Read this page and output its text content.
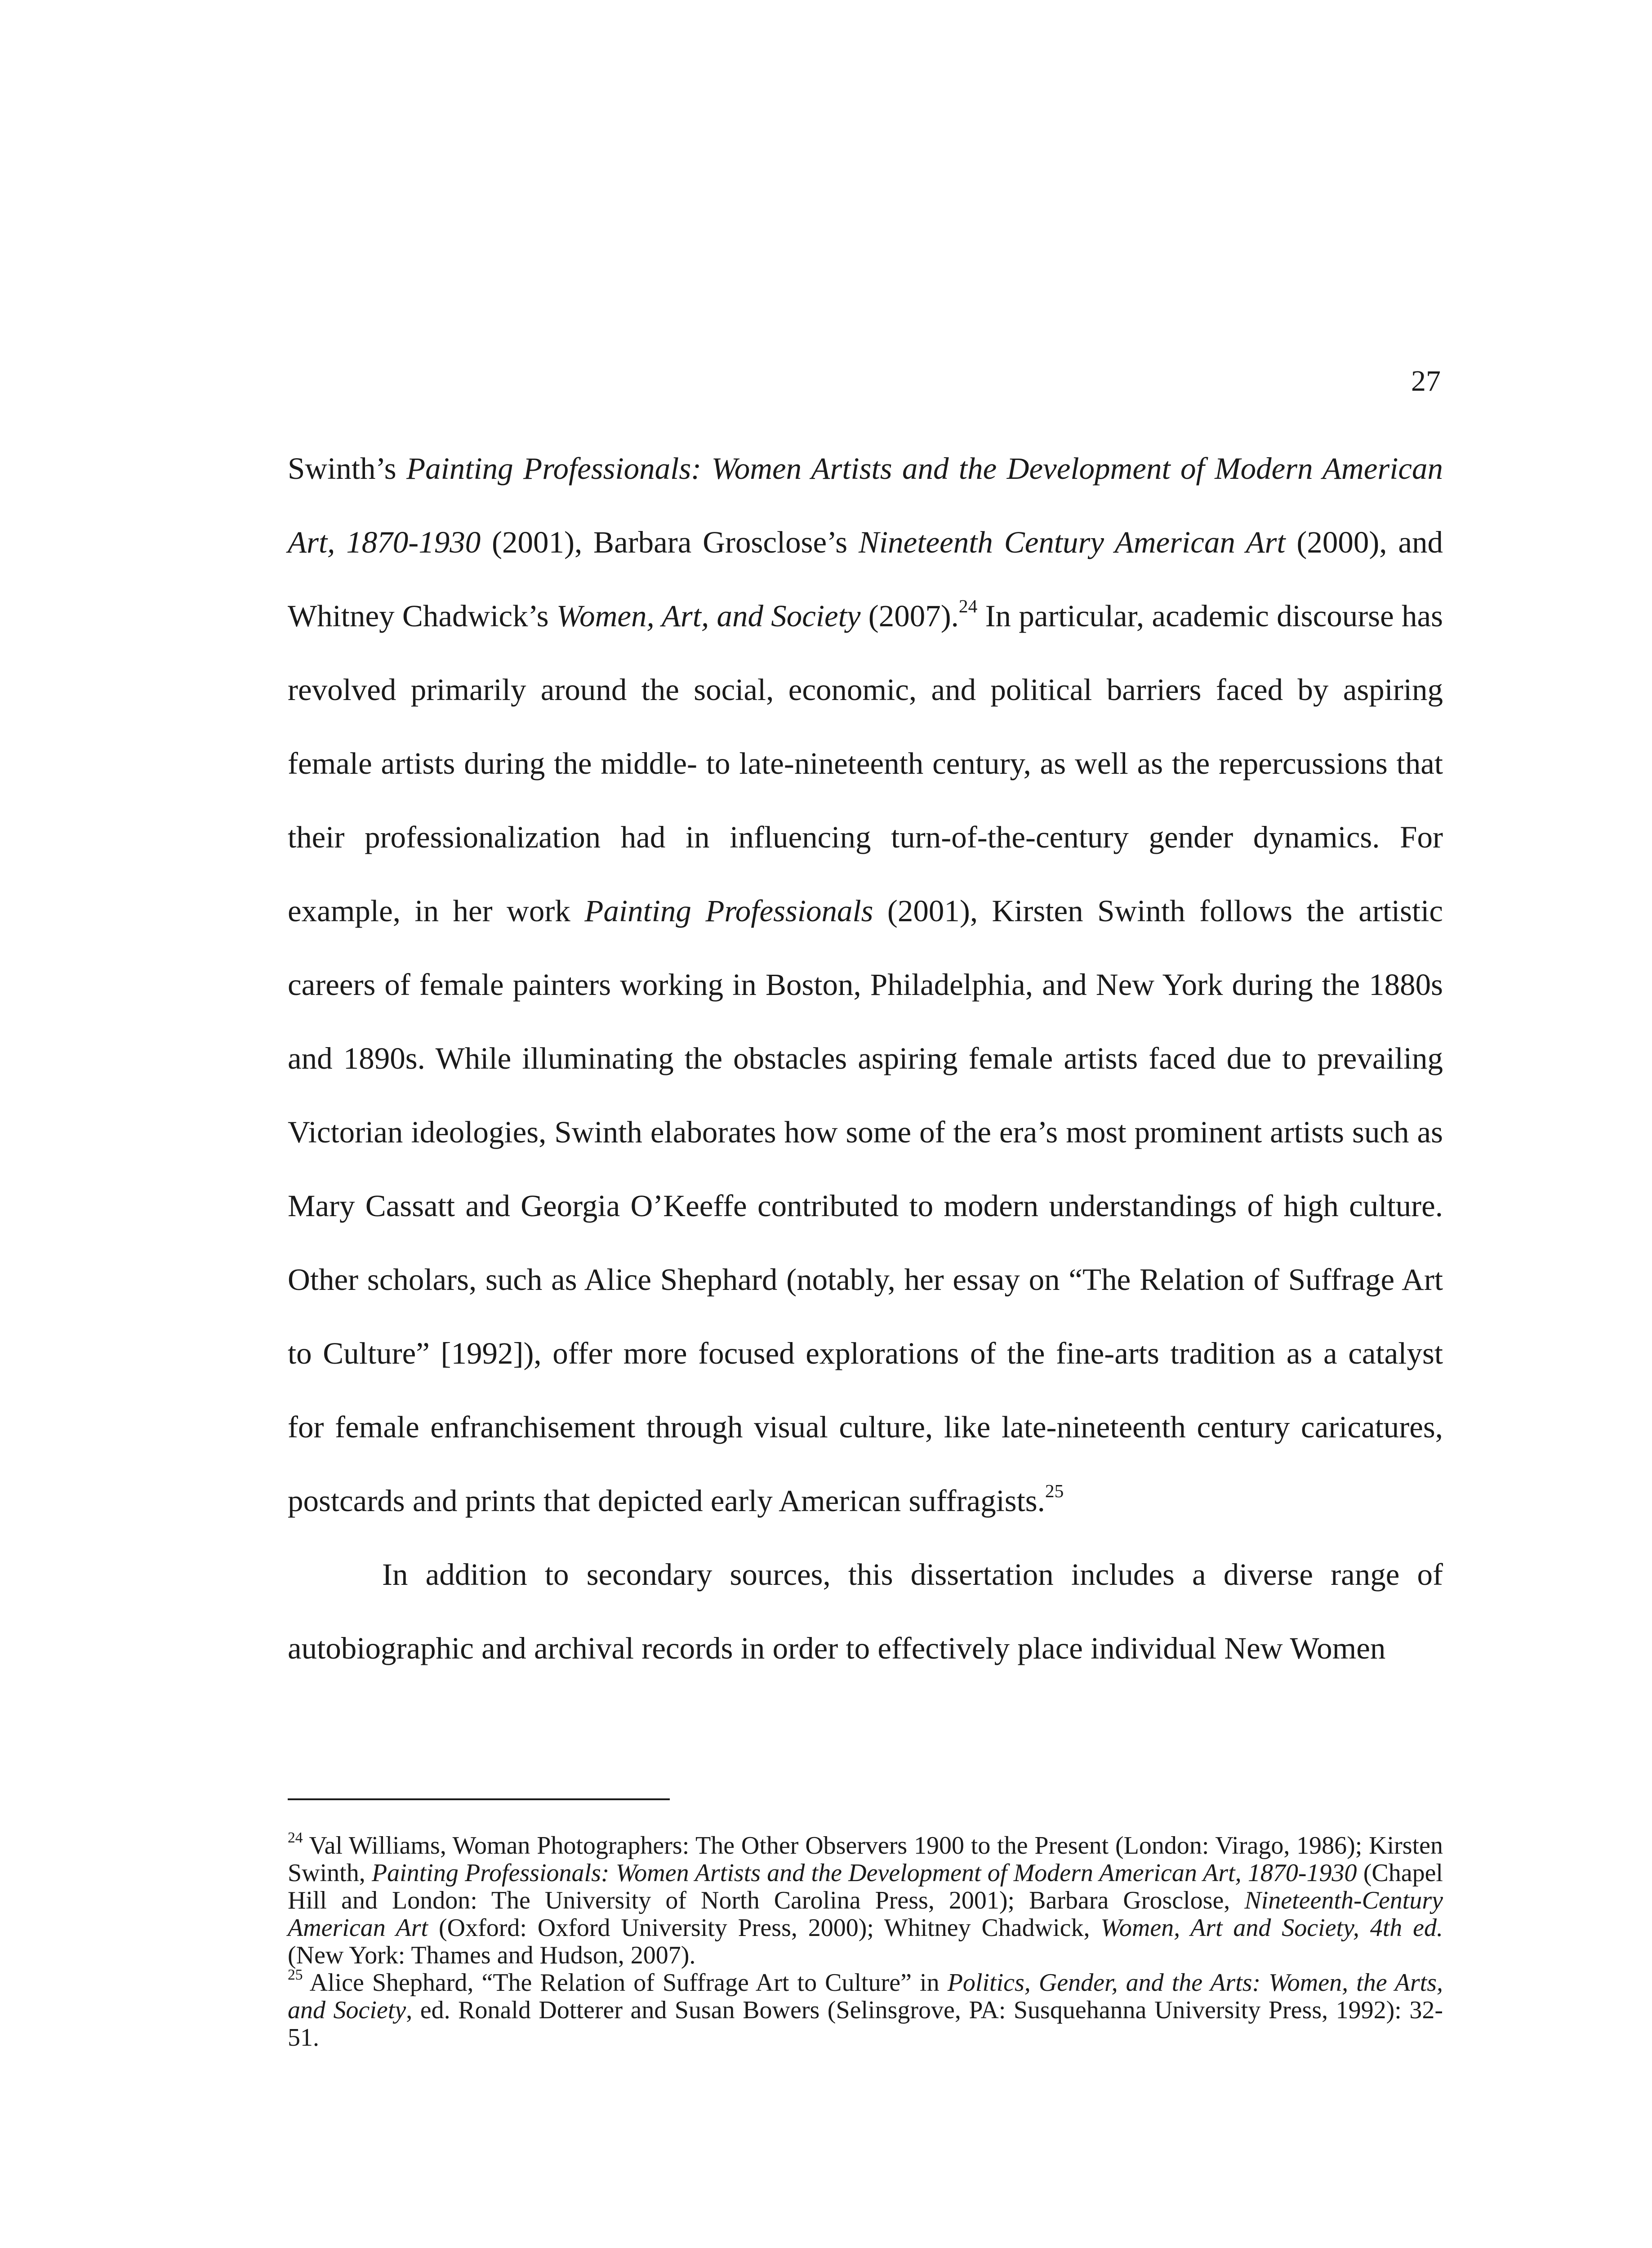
27

Swinth’s Painting Professionals: Women Artists and the Development of Modern American Art, 1870-1930 (2001), Barbara Grosclose’s Nineteenth Century American Art (2000), and Whitney Chadwick’s Women, Art, and Society (2007).$^{24}$ In particular, academic discourse has revolved primarily around the social, economic, and political barriers faced by aspiring female artists during the middle- to late-nineteenth century, as well as the repercussions that their professionalization had in influencing turn-of-the-century gender dynamics. For example, in her work Painting Professionals (2001), Kirsten Swinth follows the artistic careers of female painters working in Boston, Philadelphia, and New York during the 1880s and 1890s. While illuminating the obstacles aspiring female artists faced due to prevailing Victorian ideologies, Swinth elaborates how some of the era’s most prominent artists such as Mary Cassatt and Georgia O’Keeffe contributed to modern understandings of high culture. Other scholars, such as Alice Shephard (notably, her essay on “The Relation of Suffrage Art to Culture” [1992]), offer more focused explorations of the fine-arts tradition as a catalyst for female enfranchisement through visual culture, like late-nineteenth century caricatures, postcards and prints that depicted early American suffragists.$^{25}$

In addition to secondary sources, this dissertation includes a diverse range of autobiographic and archival records in order to effectively place individual New Women

$^{24}$ Val Williams, Woman Photographers: The Other Observers 1900 to the Present (London: Virago, 1986); Kirsten Swinth, Painting Professionals: Women Artists and the Development of Modern American Art, 1870-1930 (Chapel Hill and London: The University of North Carolina Press, 2001); Barbara Grosclose, Nineteenth-Century American Art (Oxford: Oxford University Press, 2000); Whitney Chadwick, Women, Art and Society, 4th ed. (New York: Thames and Hudson, 2007).

$^{25}$ Alice Shephard, “The Relation of Suffrage Art to Culture” in Politics, Gender, and the Arts: Women, the Arts, and Society, ed. Ronald Dotterer and Susan Bowers (Selinsgrove, PA: Susquehanna University Press, 1992): 32-51.
